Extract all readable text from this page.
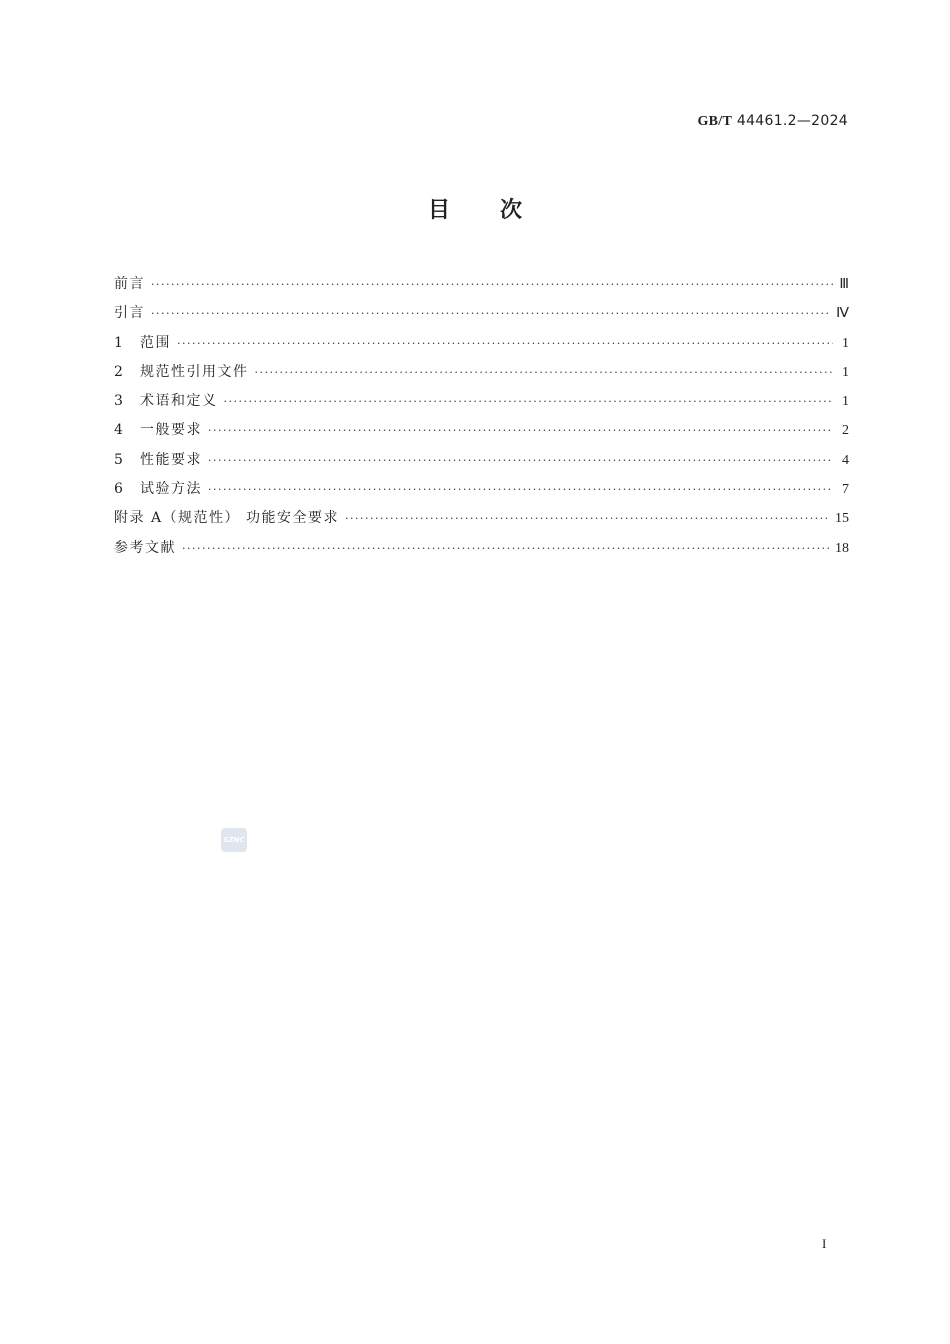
GB/T 44461.2—2024
目次
前言 ·····	Ⅲ
引言 ·····	Ⅳ
1	范围 ·····	1
2	规范性引用文件 ·····	1
3	术语和定义 ·····	1
4	一般要求 ·····	2
5	性能要求 ·····	4
6	试验方法 ·····	7
附录 A（规范性） 功能安全要求 ·····	15
参考文献 ·····	18
SZNC
I
